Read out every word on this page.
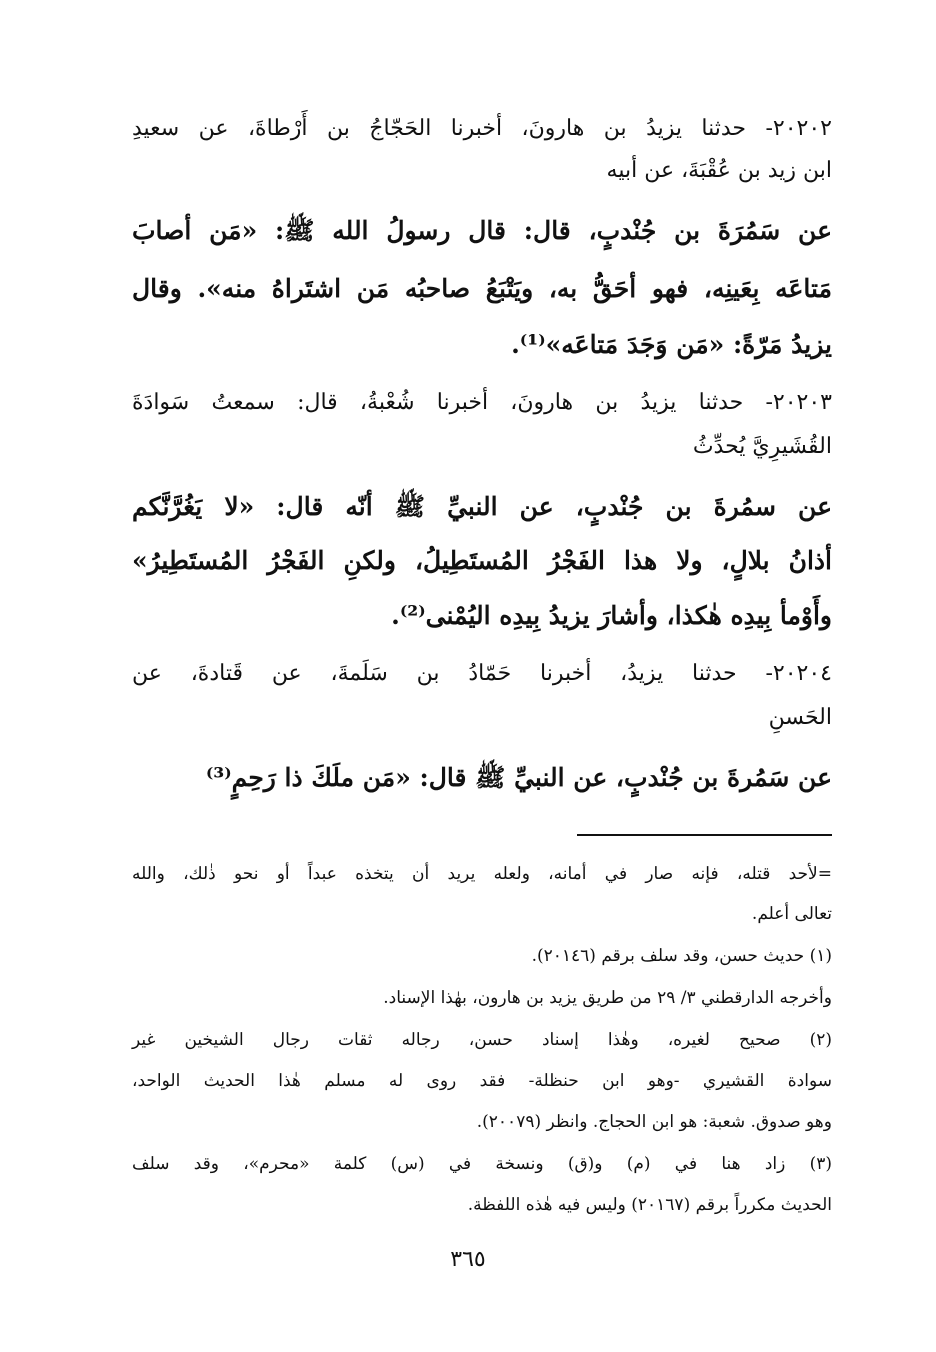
٢٠٢٠٢- حدثنا يزيدُ بن هارونَ، أخبرنا الحَجّاجُ بن أَرْطاةَ، عن سعيدِ
ابن زيد بن عُقْبَةَ، عن أبيه
عن سَمُرَةَ بن جُنْدبٍ، قال: قال رسولُ الله ﷺ: «مَن أصابَ
مَتاعَه بِعَينِه، فهو أحَقُّ به، ويَتْبَعُ صاحبُه مَن اشتَراهُ منه». وقال
يزيدُ مَرّةً: «مَن وَجَدَ مَتاعَه»⁽¹⁾.
٢٠٢٠٣- حدثنا يزيدُ بن هارونَ، أخبرنا شُعْبةُ، قال: سمعتُ سَوادَةَ
القُشَيرِيَّ يُحدِّثُ
عن سمُرةَ بن جُنْدبٍ، عن النبيِّ ﷺ أنّه قال: «لا يَغُرَّنَّكم
أذانُ بلالٍ، ولا هذا الفَجْرُ المُستَطِيلُ، ولكنِ الفَجْرُ المُستَطِيرُ»
وأَوْمأ بِيدِه هٰكذا، وأشارَ يزيدُ بِيدِه اليُمْنى⁽²⁾.
٢٠٢٠٤- حدثنا يزيدُ، أخبرنا حَمّادُ بن سَلَمةَ، عن قَتادةَ، عن
الحَسنِ
عن سَمُرةَ بن جُنْدبٍ، عن النبيِّ ﷺ قال: «مَن ملَكَ ذا رَحِمٍ⁽³⁾
=لأحد قتله، فإنه صار في أمانه، ولعله يريد أن يتخذه عبداً أو نحو ذٰلك، والله
تعالى أعلم.
(١) حديث حسن، وقد سلف برقم (٢٠١٤٦).
وأخرجه الدارقطني ٣/ ٢٩ من طريق يزيد بن هارون، بهٰذا الإسناد.
(٢) صحيح لغيره، وهٰذا إسناد حسن، رجاله ثقات رجال الشيخين غير
سوادة القشيري -وهو ابن حنظلة- فقد روى له مسلم هٰذا الحديث الواحد،
وهو صدوق. شعبة: هو ابن الحجاج. وانظر (٢٠٠٧٩).
(٣) زاد هنا في (م) و(ق) ونسخة في (س) كلمة «محرم»، وقد سلف
الحديث مكرراً برقم (٢٠١٦٧) وليس فيه هٰذه اللفظة.
٣٦٥
